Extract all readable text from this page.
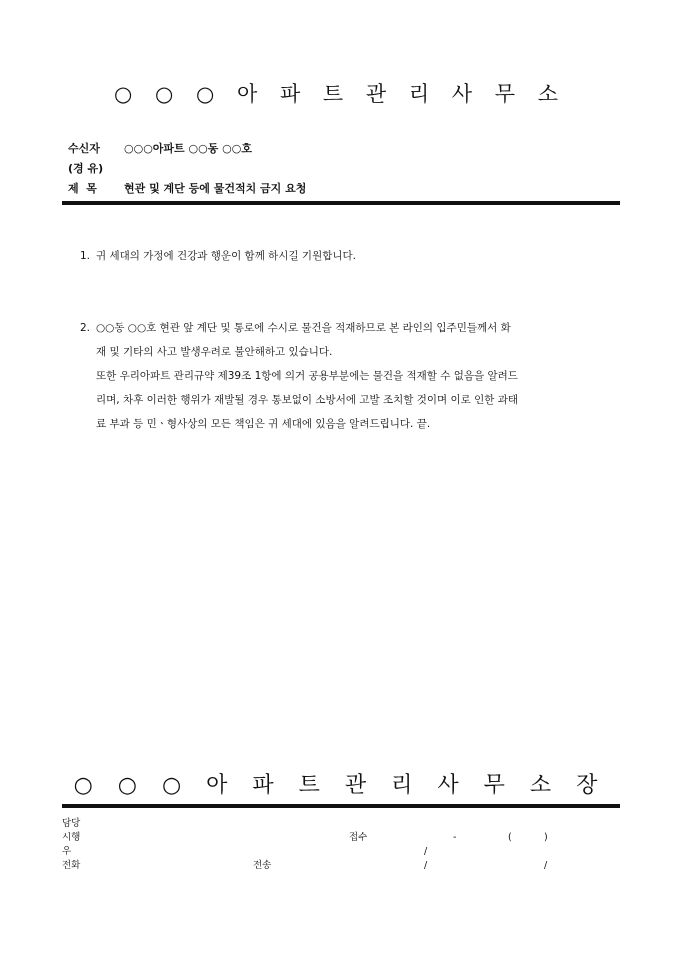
○ ○ ○ 아 파 트 관 리 사 무 소
수신자	○○○아파트 ○○동 ○○호
(경 유)
제  목	현관 및 계단 등에 물건적치 금지 요청
1. 귀 세대의 가정에 건강과 행운이 함께 하시길 기원합니다.
2. ○○동 ○○호 현관 앞 계단 및 통로에 수시로 물건을 적재하므로 본 라인의 입주민들께서 화
재 및 기타의 사고 발생우려로 불안해하고 있습니다.
또한 우리아파트 관리규약 제39조 1항에 의거 공용부분에는 물건을 적재할 수 없음을 알려드
리며, 차후 이러한 행위가 재발될 경우 통보없이 소방서에 고발 조치할 것이며 이로 인한 과태
료 부과 등 민ㆍ형사상의 모든 책임은 귀 세대에 있음을 알려드립니다. 끝.
○ ○ ○ 아 파 트 관 리 사 무 소 장
담당
시행	접수	-	(	)
우	/
전화	전송	/	/
